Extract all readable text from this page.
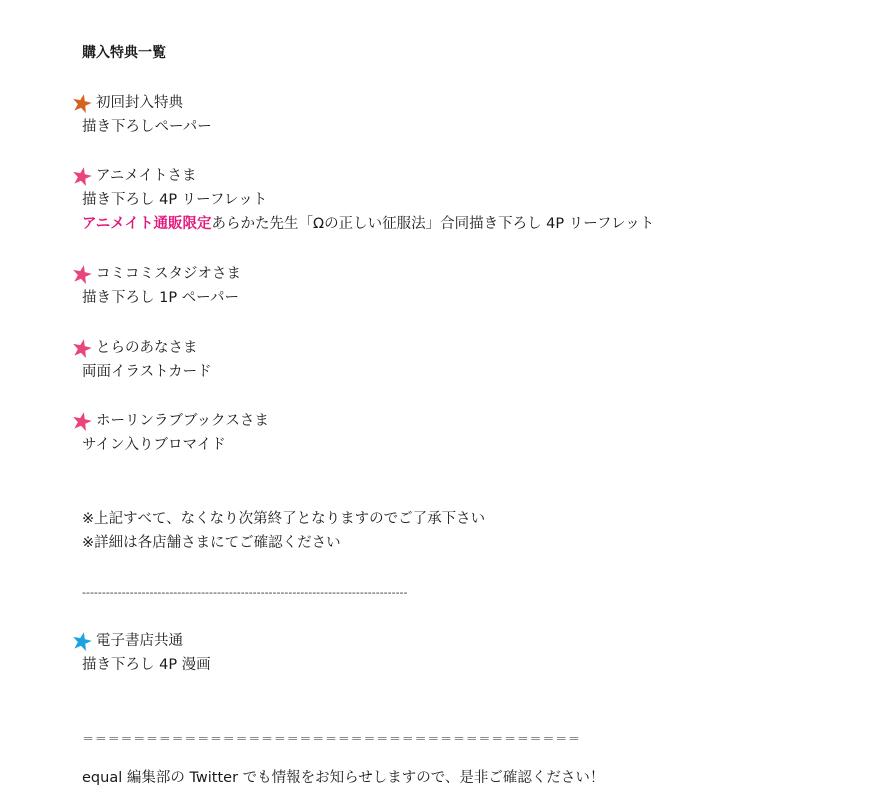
購入特典一覧
初回封入特典
描き下ろしペーパー
アニメイトさま
描き下ろし 4P リーフレット
アニメイト通販限定あらかた先生「Ωの正しい征服法」合同描き下ろし 4P リーフレット
コミコミスタジオさま
描き下ろし 1P ペーパー
とらのあなさま
両面イラストカード
ホーリンラブブックスさま
サイン入りブロマイド
※上記すべて、なくなり次第終了となりますのでご了承下さい
※詳細は各店舗さまにてご確認ください
----------------------------------------------------------------------------------
電子書店共通
描き下ろし 4P 漫画
＝＝＝＝＝＝＝＝＝＝＝＝＝＝＝＝＝＝＝＝＝＝＝＝＝＝＝＝＝＝＝＝＝＝＝＝＝＝＝
equal 編集部の Twitter でも情報をお知らせしますので、是非ご確認ください！
